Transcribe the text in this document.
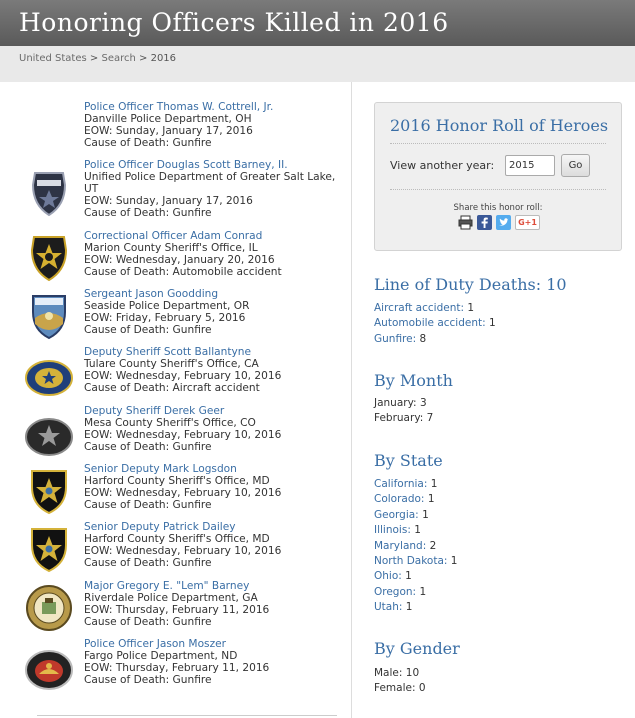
Honoring Officers Killed in 2016
United States > Search > 2016
Police Officer Thomas W. Cottrell, Jr.
Danville Police Department, OH
EOW: Sunday, January 17, 2016
Cause of Death: Gunfire
Police Officer Douglas Scott Barney, II.
Unified Police Department of Greater Salt Lake, UT
EOW: Sunday, January 17, 2016
Cause of Death: Gunfire
Correctional Officer Adam Conrad
Marion County Sheriff's Office, IL
EOW: Wednesday, January 20, 2016
Cause of Death: Automobile accident
Sergeant Jason Goodding
Seaside Police Department, OR
EOW: Friday, February 5, 2016
Cause of Death: Gunfire
Deputy Sheriff Scott Ballantyne
Tulare County Sheriff's Office, CA
EOW: Wednesday, February 10, 2016
Cause of Death: Aircraft accident
Deputy Sheriff Derek Geer
Mesa County Sheriff's Office, CO
EOW: Wednesday, February 10, 2016
Cause of Death: Gunfire
Senior Deputy Mark Logsdon
Harford County Sheriff's Office, MD
EOW: Wednesday, February 10, 2016
Cause of Death: Gunfire
Senior Deputy Patrick Dailey
Harford County Sheriff's Office, MD
EOW: Wednesday, February 10, 2016
Cause of Death: Gunfire
Major Gregory E. "Lem" Barney
Riverdale Police Department, GA
EOW: Thursday, February 11, 2016
Cause of Death: Gunfire
Police Officer Jason Moszer
Fargo Police Department, ND
EOW: Thursday, February 11, 2016
Cause of Death: Gunfire
2016 Honor Roll of Heroes
View another year:
2015	Go
Share this honor roll:
G+1
Line of Duty Deaths: 10
Aircraft accident: 1
Automobile accident: 1
Gunfire: 8
By Month
January: 3
February: 7
By State
California: 1
Colorado: 1
Georgia: 1
Illinois: 1
Maryland: 2
North Dakota: 1
Ohio: 1
Oregon: 1
Utah: 1
By Gender
Male: 10
Female: 0
